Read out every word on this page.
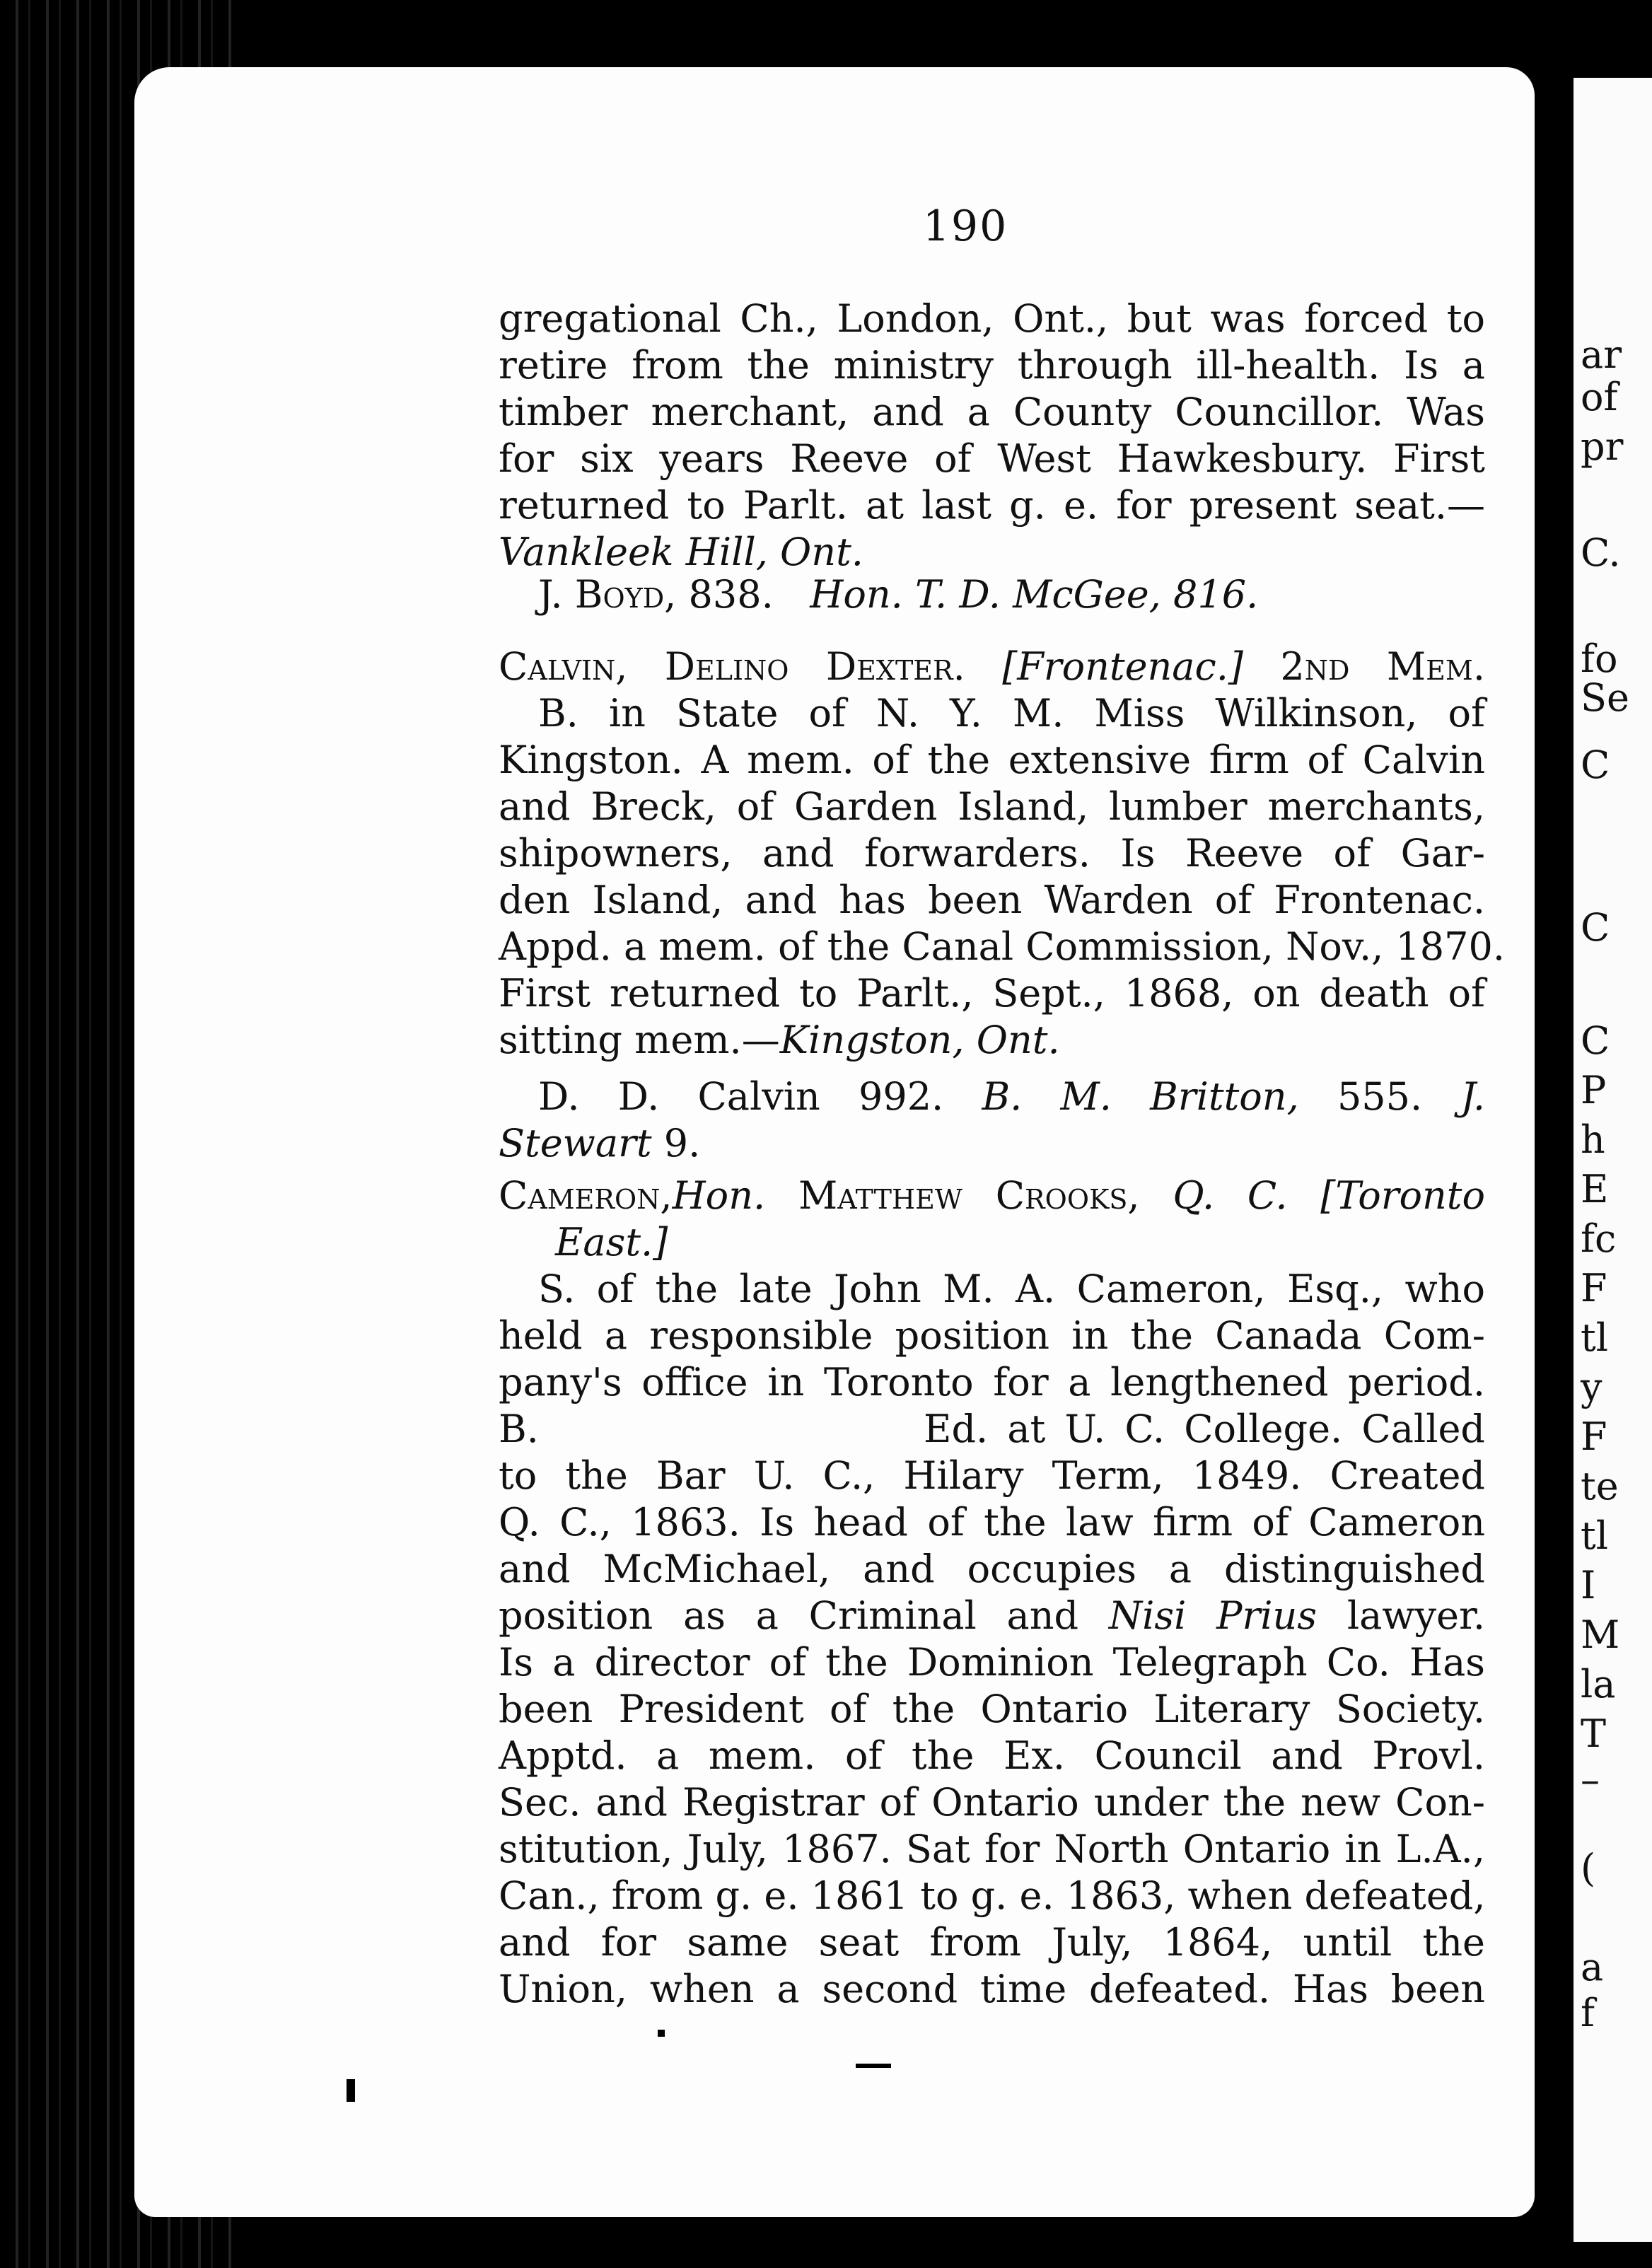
ar
of
pr
C.
fo
Se
C
C
C
P
h
E
fc
F
tl
y
F
te
tl
I
M
la
T
–
(
a
f
190
gregational Ch., London, Ont., but was forced to
retire from the ministry through ill-health. Is a
timber merchant, and a County Councillor. Was
for six years Reeve of West Hawkesbury. First
returned to Parlt. at last g. e. for present seat.—
Vankleek Hill, Ont.
J. Boyd, 838. Hon. T. D. McGee, 816.
Calvin, Delino Dexter. [Frontenac.] 2nd Mem.
B. in State of N. Y. M. Miss Wilkinson, of
Kingston. A mem. of the extensive firm of Calvin
and Breck, of Garden Island, lumber merchants,
shipowners, and forwarders. Is Reeve of Gar-
den Island, and has been Warden of Frontenac.
Appd. a mem. of the Canal Commission, Nov., 1870.
First returned to Parlt., Sept., 1868, on death of
sitting mem.—Kingston, Ont.
D. D. Calvin 992. B. M. Britton, 555. J.
Stewart 9.
Cameron,Hon. Matthew Crooks, Q. C. [Toronto
East.]
S. of the late John M. A. Cameron, Esq., who
held a responsible position in the Canada Com-
pany's office in Toronto for a lengthened period.
B.                    Ed. at U. C. College. Called
to the Bar U. C., Hilary Term, 1849. Created
Q. C., 1863. Is head of the law firm of Cameron
and McMichael, and occupies a distinguished
position as a Criminal and Nisi Prius lawyer.
Is a director of the Dominion Telegraph Co. Has
been President of the Ontario Literary Society.
Apptd. a mem. of the Ex. Council and Provl.
Sec. and Registrar of Ontario under the new Con-
stitution, July, 1867. Sat for North Ontario in L.A.,
Can., from g. e. 1861 to g. e. 1863, when defeated,
and for same seat from July, 1864, until the
Union, when a second time defeated. Has been
